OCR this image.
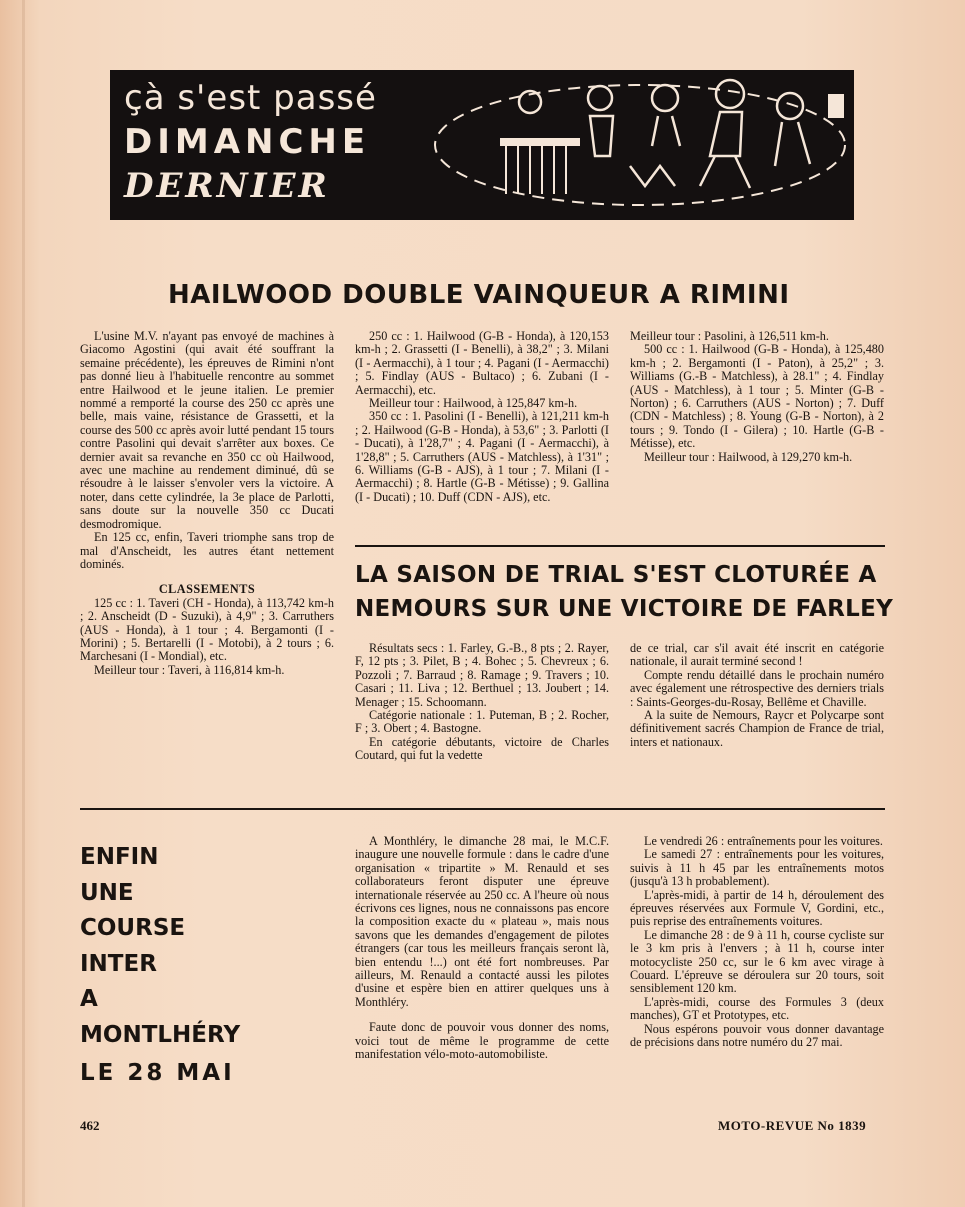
çà s'est passé
DIMANCHE
DERNIER
HAILWOOD DOUBLE VAINQUEUR A RIMINI

L'usine M.V. n'ayant pas envoyé de machines à Giacomo Agostini (qui avait été souffrant la semaine précédente), les épreuves de Rimini n'ont pas donné lieu à l'habituelle rencontre au sommet entre Hailwood et le jeune italien. Le premier nommé a remporté la course des 250 cc après une belle, mais vaine, résistance de Grassetti, et la course des 500 cc après avoir lutté pendant 15 tours contre Pasolini qui devait s'arrêter aux boxes. Ce dernier avait sa revanche en 350 cc où Hailwood, avec une machine au rendement diminué, dû se résoudre à le laisser s'envoler vers la victoire. A noter, dans cette cylindrée, la 3e place de Parlotti, sans doute sur la nouvelle 350 cc Ducati desmodromique.

En 125 cc, enfin, Taveri triomphe sans trop de mal d'Anscheidt, les autres étant nettement dominés.

CLASSEMENTS

125 cc : 1. Taveri (CH - Honda), à 113,742 km-h ; 2. Anscheidt (D - Suzuki), à 4,9" ; 3. Carruthers (AUS - Honda), à 1 tour ; 4. Bergamonti (I - Morini) ; 5. Bertarelli (I - Motobi), à 2 tours ; 6. Marchesani (I - Mondial), etc.

Meilleur tour : Taveri, à 116,814 km-h.

250 cc : 1. Hailwood (G-B - Honda), à 120,153 km-h ; 2. Grassetti (I - Benelli), à 38,2" ; 3. Milani (I - Aermacchi), à 1 tour ; 4. Pagani (I - Aermacchi) ; 5. Findlay (AUS - Bultaco) ; 6. Zubani (I - Aermacchi), etc.

Meilleur tour : Hailwood, à 125,847 km-h.

350 cc : 1. Pasolini (I - Benelli), à 121,211 km-h ; 2. Hailwood (G-B - Honda), à 53,6" ; 3. Parlotti (I - Ducati), à 1'28,7" ; 4. Pagani (I - Aermacchi), à 1'28,8" ; 5. Carruthers (AUS - Matchless), à 1'31" ; 6. Williams (G-B - AJS), à 1 tour ; 7. Milani (I - Aermacchi) ; 8. Hartle (G-B - Métisse) ; 9. Gallina (I - Ducati) ; 10. Duff (CDN - AJS), etc.

Meilleur tour : Pasolini, à 126,511 km-h.

500 cc : 1. Hailwood (G-B - Honda), à 125,480 km-h ; 2. Bergamonti (I - Paton), à 25,2" ; 3. Williams (G.-B - Matchless), à 28.1" ; 4. Findlay (AUS - Matchless), à 1 tour ; 5. Minter (G-B - Norton) ; 6. Carruthers (AUS - Norton) ; 7. Duff (CDN - Matchless) ; 8. Young (G-B - Norton), à 2 tours ; 9. Tondo (I - Gilera) ; 10. Hartle (G-B - Métisse), etc.

Meilleur tour : Hailwood, à 129,270 km-h.

LA SAISON DE TRIAL S'EST CLOTURÉE A
NEMOURS SUR UNE VICTOIRE DE FARLEY

Résultats secs : 1. Farley, G.-B., 8 pts ; 2. Rayer, F, 12 pts ; 3. Pilet, B ; 4. Bohec ; 5. Chevreux ; 6. Pozzoli ; 7. Barraud ; 8. Ramage ; 9. Travers ; 10. Casari ; 11. Liva ; 12. Berthuel ; 13. Joubert ; 14. Menager ; 15. Schoomann.

Catégorie nationale : 1. Puteman, B ; 2. Rocher, F ; 3. Obert ; 4. Bastogne.

En catégorie débutants, victoire de Charles Coutard, qui fut la vedette

de ce trial, car s'il avait été inscrit en catégorie nationale, il aurait terminé second !

Compte rendu détaillé dans le prochain numéro avec également une rétrospective des derniers trials : Saints-Georges-du-Rosay, Bellême et Chaville.

A la suite de Nemours, Raycr et Polycarpe sont définitivement sacrés Champion de France de trial, inters et nationaux.

ENFIN
UNE
COURSE
INTER
A
MONTLHÉRY
LE 28 MAI

A Monthléry, le dimanche 28 mai, le M.C.F. inaugure une nouvelle formule : dans le cadre d'une organisation « tripartite » M. Renauld et ses collaborateurs feront disputer une épreuve internationale réservée au 250 cc. A l'heure où nous écrivons ces lignes, nous ne connaissons pas encore la composition exacte du « plateau », mais nous savons que les demandes d'engagement de pilotes étrangers (car tous les meilleurs français seront là, bien entendu !...) ont été fort nombreuses. Par ailleurs, M. Renauld a contacté aussi les pilotes d'usine et espère bien en attirer quelques uns à Monthléry.

Faute donc de pouvoir vous donner des noms, voici tout de même le programme de cette manifestation vélo-moto-automobiliste.

Le vendredi 26 : entraînements pour les voitures.

Le samedi 27 : entraînements pour les voitures, suivis à 11 h 45 par les entraînements motos (jusqu'à 13 h probablement).

L'après-midi, à partir de 14 h, déroulement des épreuves réservées aux Formule V, Gordini, etc., puis reprise des entraînements voitures.

Le dimanche 28 : de 9 à 11 h, course cycliste sur le 3 km pris à l'envers ; à 11 h, course inter motocycliste 250 cc, sur le 6 km avec virage à Couard. L'épreuve se déroulera sur 20 tours, soit sensiblement 120 km.

L'après-midi, course des Formules 3 (deux manches), GT et Prototypes, etc.

Nous espérons pouvoir vous donner davantage de précisions dans notre numéro du 27 mai.

462	MOTO-REVUE No 1839
